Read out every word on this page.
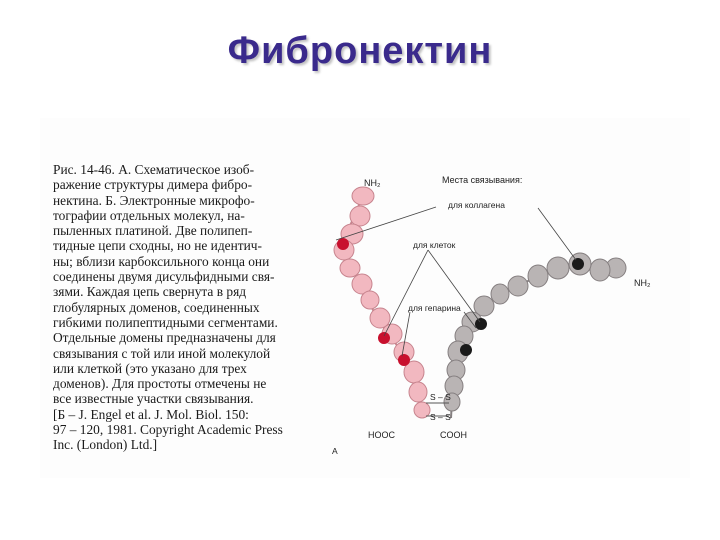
Фибронектин
Рис. 14-46. А. Схематическое изоб-
ражение структуры димера фибро-
нектина. Б. Электронные микрофо-
тографии отдельных молекул, на-
пыленных платиной. Две полипеп-
тидные цепи сходны, но не идентич-
ны; вблизи карбоксильного конца они
соединены двумя дисульфидными свя-
зями. Каждая цепь свернута в ряд
глобулярных доменов, соединенных
гибкими полипептидными сегментами.
Отдельные домены предназначены для
связывания с той или иной молекулой
или клеткой (это указано для трех
доменов). Для простоты отмечены не
все известные участки связывания.
[Б – J. Engel et al. J. Mol. Biol. 150:
97 – 120, 1981. Copyright Academic Press
Inc. (London) Ltd.]
S – S
S – S
NH₂	Места связывания:
для коллагена
для клеток
для гепарина
NH₂
HOOC	COOH
A
